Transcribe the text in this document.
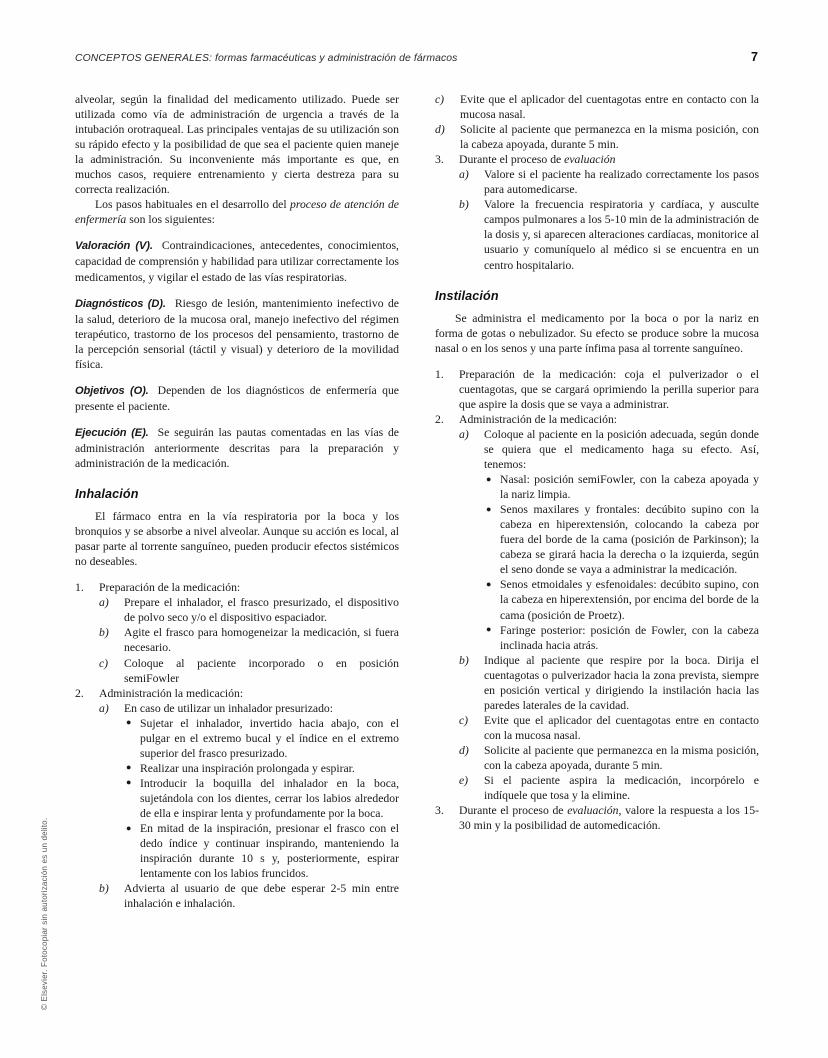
CONCEPTOS GENERALES: formas farmacéuticas y administración de fármacos	7
© Elsevier. Fotocopiar sin autorización es un delito.

alveolar, según la finalidad del medicamento utilizado. Puede ser utilizada como vía de administración de urgencia a través de la intubación orotraqueal. Las principales ventajas de su utilización son su rápido efecto y la posibilidad de que sea el paciente quien maneje la administración. Su inconveniente más importante es que, en muchos casos, requiere entrenamiento y cierta destreza para su correcta realización.

Los pasos habituales en el desarrollo del proceso de atención de enfermería son los siguientes:

Valoración (V). Contraindicaciones, antecedentes, conocimientos, capacidad de comprensión y habilidad para utilizar correctamente los medicamentos, y vigilar el estado de las vías respiratorias.

Diagnósticos (D). Riesgo de lesión, mantenimiento inefectivo de la salud, deterioro de la mucosa oral, manejo inefectivo del régimen terapéutico, trastorno de los procesos del pensamiento, trastorno de la percepción sensorial (táctil y visual) y deterioro de la movilidad física.

Objetivos (O). Dependen de los diagnósticos de enfermería que presente el paciente.

Ejecución (E). Se seguirán las pautas comentadas en las vías de administración anteriormente descritas para la preparación y administración de la medicación.

Inhalación

El fármaco entra en la vía respiratoria por la boca y los bronquios y se absorbe a nivel alveolar. Aunque su acción es local, al pasar parte al torrente sanguíneo, pueden producir efectos sistémicos no deseables.

1.	Preparación de la medicación:
a)	Prepare el inhalador, el frasco presurizado, el dispositivo de polvo seco y/o el dispositivo espaciador.
b)	Agite el frasco para homogeneizar la medicación, si fuera necesario.
c)	Coloque al paciente incorporado o en posición semiFowler
2.	Administración la medicación:
a)	En caso de utilizar un inhalador presurizado:
● Sujetar el inhalador, invertido hacia abajo, con el pulgar en el extremo bucal y el índice en el extremo superior del frasco presurizado.
● Realizar una inspiración prolongada y espirar.
● Introducir la boquilla del inhalador en la boca, sujetándola con los dientes, cerrar los labios alrededor de ella e inspirar lenta y profundamente por la boca.
● En mitad de la inspiración, presionar el frasco con el dedo índice y continuar inspirando, manteniendo la inspiración durante 10 s y, posteriormente, espirar lentamente con los labios fruncidos.
b)	Advierta al usuario de que debe esperar 2-5 min entre inhalación e inhalación.
c)	Evite que el aplicador del cuentagotas entre en contacto con la mucosa nasal.
d)	Solicite al paciente que permanezca en la misma posición, con la cabeza apoyada, durante 5 min.
3.	Durante el proceso de evaluación
a)	Valore si el paciente ha realizado correctamente los pasos para automedicarse.
b)	Valore la frecuencia respiratoria y cardíaca, y ausculte campos pulmonares a los 5-10 min de la administración de la dosis y, si aparecen alteraciones cardíacas, monitorice al usuario y comuníquelo al médico si se encuentra en un centro hospitalario.
Instilación

Se administra el medicamento por la boca o por la nariz en forma de gotas o nebulizador. Su efecto se produce sobre la mucosa nasal o en los senos y una parte ínfima pasa al torrente sanguíneo.

1.	Preparación de la medicación: coja el pulverizador o el cuentagotas, que se cargará oprimiendo la perilla superior para que aspire la dosis que se vaya a administrar.
2.	Administración de la medicación:
a)	Coloque al paciente en la posición adecuada, según donde se quiera que el medicamento haga su efecto. Así, tenemos:
● Nasal: posición semiFowler, con la cabeza apoyada y la nariz limpia.
● Senos maxilares y frontales: decúbito supino con la cabeza en hiperextensión, colocando la cabeza por fuera del borde de la cama (posición de Parkinson); la cabeza se girará hacia la derecha o la izquierda, según el seno donde se vaya a administrar la medicación.
● Senos etmoidales y esfenoidales: decúbito supino, con la cabeza en hiperextensión, por encima del borde de la cama (posición de Proetz).
● Faringe posterior: posición de Fowler, con la cabeza inclinada hacia atrás.
b)	Indique al paciente que respire por la boca. Dirija el cuentagotas o pulverizador hacia la zona prevista, siempre en posición vertical y dirigiendo la instilación hacia las paredes laterales de la cavidad.
c)	Evite que el aplicador del cuentagotas entre en contacto con la mucosa nasal.
d)	Solicite al paciente que permanezca en la misma posición, con la cabeza apoyada, durante 5 min.
e)	Si el paciente aspira la medicación, incorpórelo e indíquele que tosa y la elimine.
3.	Durante el proceso de evaluación, valore la respuesta a los 15-30 min y la posibilidad de automedicación.
